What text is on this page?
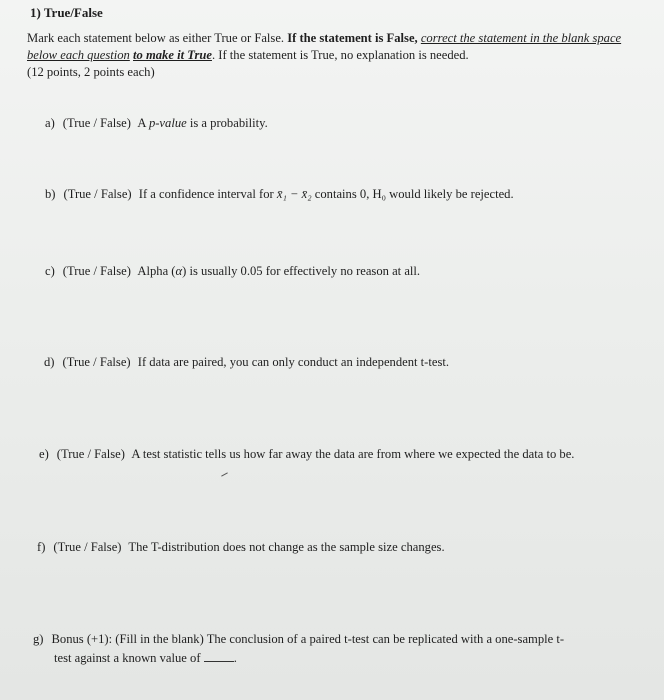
1) True/False
Mark each statement below as either True or False. If the statement is False, correct the statement in the blank space below each question to make it True. If the statement is True, no explanation is needed.
(12 points, 2 points each)
a) (True / False) A p-value is a probability.
b) (True / False) If a confidence interval for x̄₁ − x̄₂ contains 0, H₀ would likely be rejected.
c) (True / False) Alpha (α) is usually 0.05 for effectively no reason at all.
d) (True / False) If data are paired, you can only conduct an independent t-test.
e) (True / False) A test statistic tells us how far away the data are from where we expected the data to be.
f) (True / False) The T-distribution does not change as the sample size changes.
g) Bonus (+1): (Fill in the blank) The conclusion of a paired t-test can be replicated with a one-sample t-
test against a known value of	.
